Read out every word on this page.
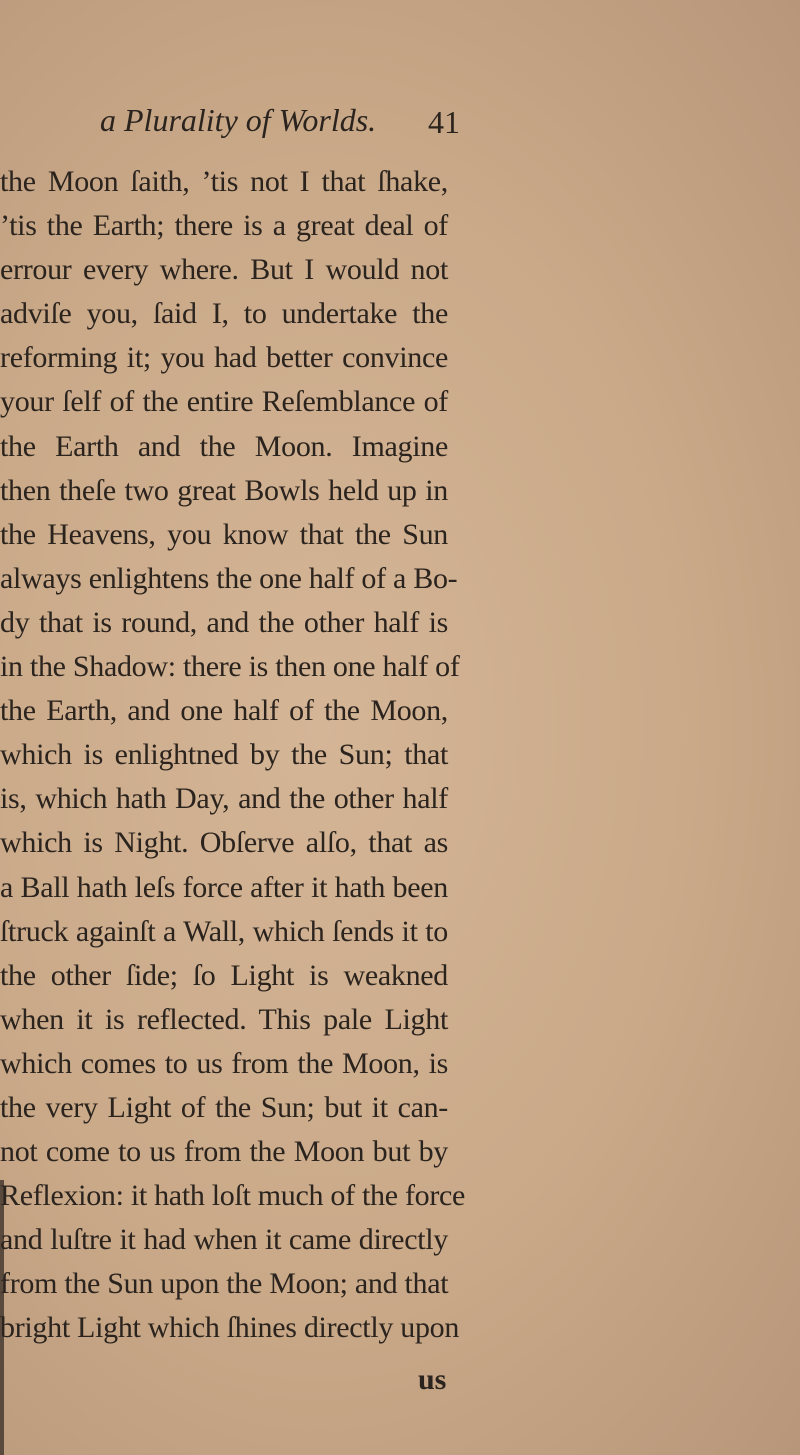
a Plurality of Worlds. 41
the Moon ſaith, ’tis not I that ſhake,
’tis the Earth; there is a great deal of
errour every where. But I would not
adviſe you, ſaid I, to undertake the
reforming it; you had better convince
your ſelf of the entire Reſemblance of
the Earth and the Moon. Imagine
then theſe two great Bowls held up in
the Heavens, you know that the Sun
always enlightens the one half of a Bo-
dy that is round, and the other half is
in the Shadow: there is then one half of
the Earth, and one half of the Moon,
which is enlightned by the Sun; that
is, which hath Day, and the other half
which is Night. Obſerve alſo, that as
a Ball hath leſs force after it hath been
ſtruck againſt a Wall, which ſends it to
the other ſide; ſo Light is weakned
when it is reflected. This pale Light
which comes to us from the Moon, is
the very Light of the Sun; but it can-
not come to us from the Moon but by
Reflexion: it hath loſt much of the force
and luſtre it had when it came directly
from the Sun upon the Moon; and that
bright Light which ſhines directly upon
us
